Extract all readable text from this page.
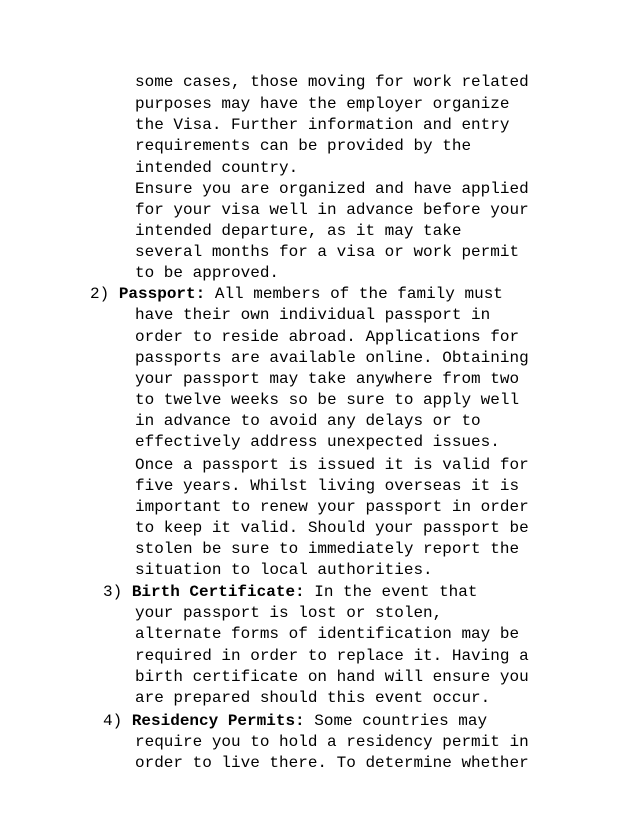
some cases, those moving for work related
purposes may have the employer organize
the Visa. Further information and entry
requirements can be provided by the
intended country.
Ensure you are organized and have applied
for your visa well in advance before your
intended departure, as it may take
several months for a visa or work permit
to be approved.
2) Passport: All members of the family must
have their own individual passport in
order to reside abroad. Applications for
passports are available online. Obtaining
your passport may take anywhere from two
to twelve weeks so be sure to apply well
in advance to avoid any delays or to
effectively address unexpected issues.
Once a passport is issued it is valid for
five years. Whilst living overseas it is
important to renew your passport in order
to keep it valid. Should your passport be
stolen be sure to immediately report the
situation to local authorities.
3) Birth Certificate: In the event that
your passport is lost or stolen,
alternate forms of identification may be
required in order to replace it. Having a
birth certificate on hand will ensure you
are prepared should this event occur.
4) Residency Permits: Some countries may
require you to hold a residency permit in
order to live there. To determine whether
